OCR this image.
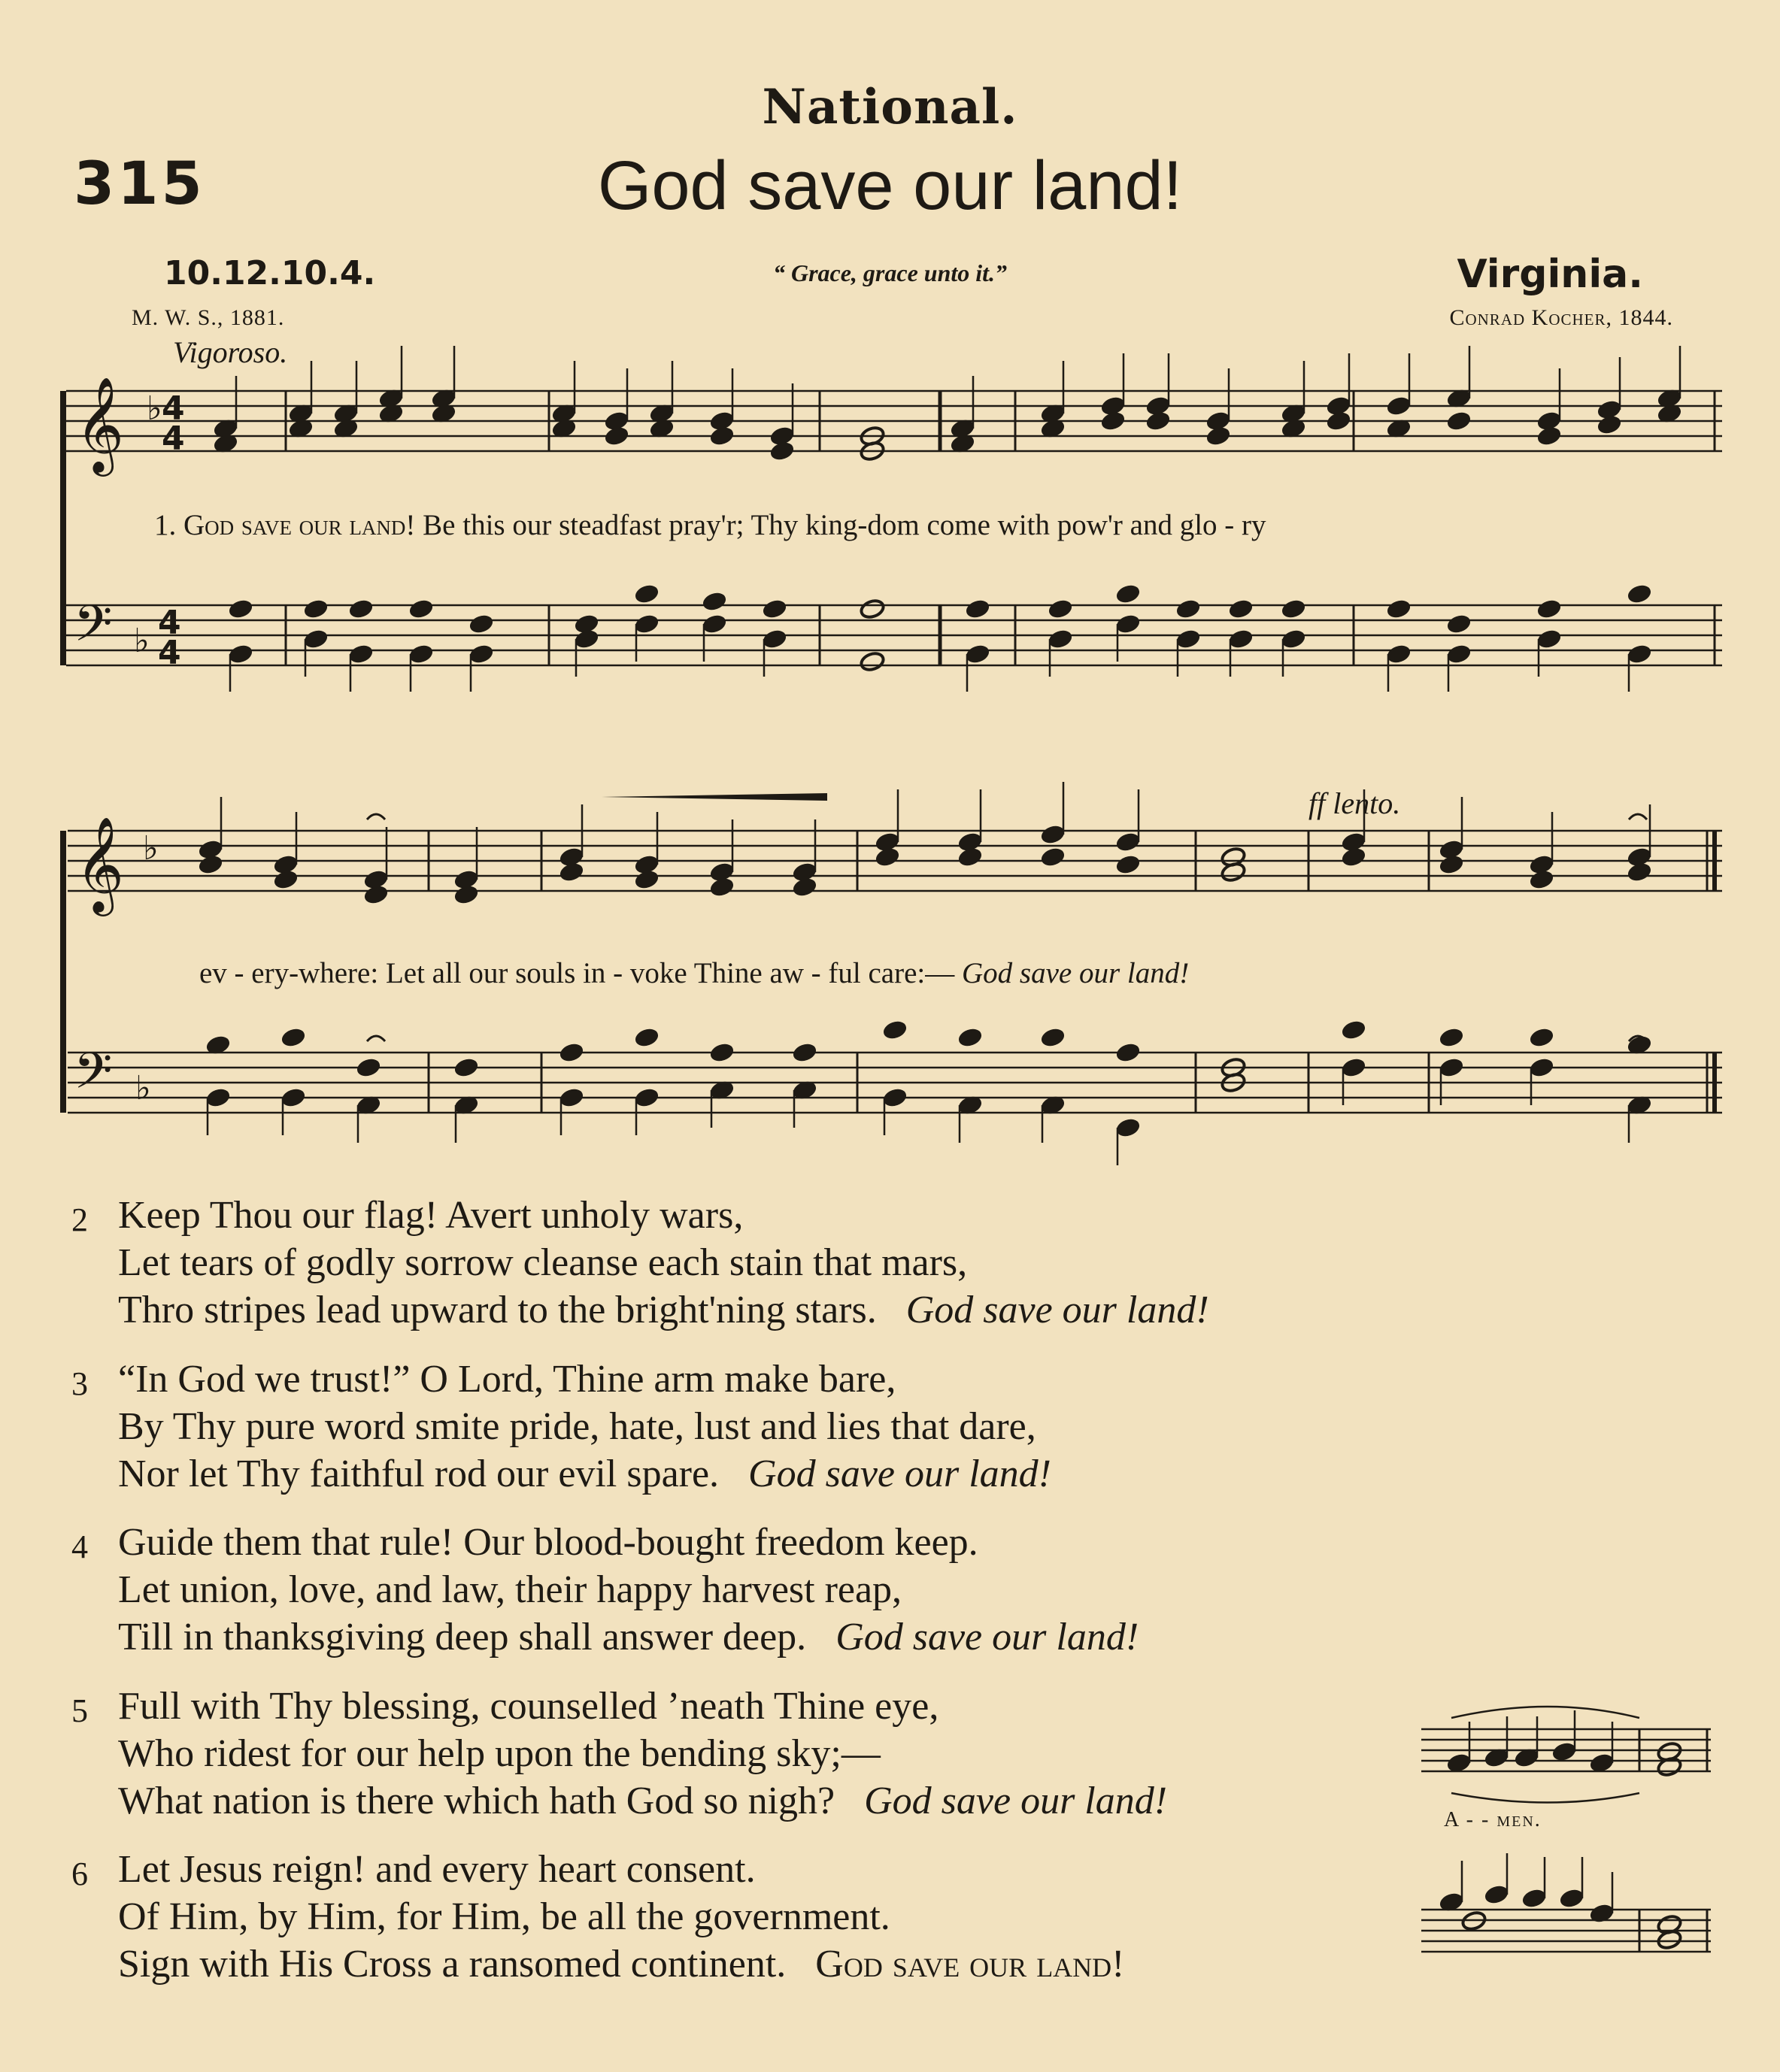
National.
315	God save our land!
10.12.10.4.	“ Grace, grace unto it.”	Virginia.
M. W. S., 1881.	Conrad Kocher, 1844.
Vigoroso.
ff lento.
𝄞
𝄢
♭
♭
4
4
4
4
𝄞
𝄢
♭
♭
1. God save our land! Be this our steadfast pray'r; Thy king-dom come with pow'r and glo - ry
ev - ery-where: Let all our souls in - voke Thine aw - ful care:— God save our land!
2 Keep Thou our flag! Avert unholy wars,
Let tears of godly sorrow cleanse each stain that mars,
Thro stripes lead upward to the bright'ning stars. God save our land!
3 “In God we trust!” O Lord, Thine arm make bare,
By Thy pure word smite pride, hate, lust and lies that dare,
Nor let Thy faithful rod our evil spare. God save our land!
4 Guide them that rule! Our blood-bought freedom keep.
Let union, love, and law, their happy harvest reap,
Till in thanksgiving deep shall answer deep. God save our land!
5 Full with Thy blessing, counselled ’neath Thine eye,
Who ridest for our help upon the bending sky;—
What nation is there which hath God so nigh? God save our land!
6 Let Jesus reign! and every heart consent.
Of Him, by Him, for Him, be all the government.
Sign with His Cross a ransomed continent. God save our land!
A - - men.
